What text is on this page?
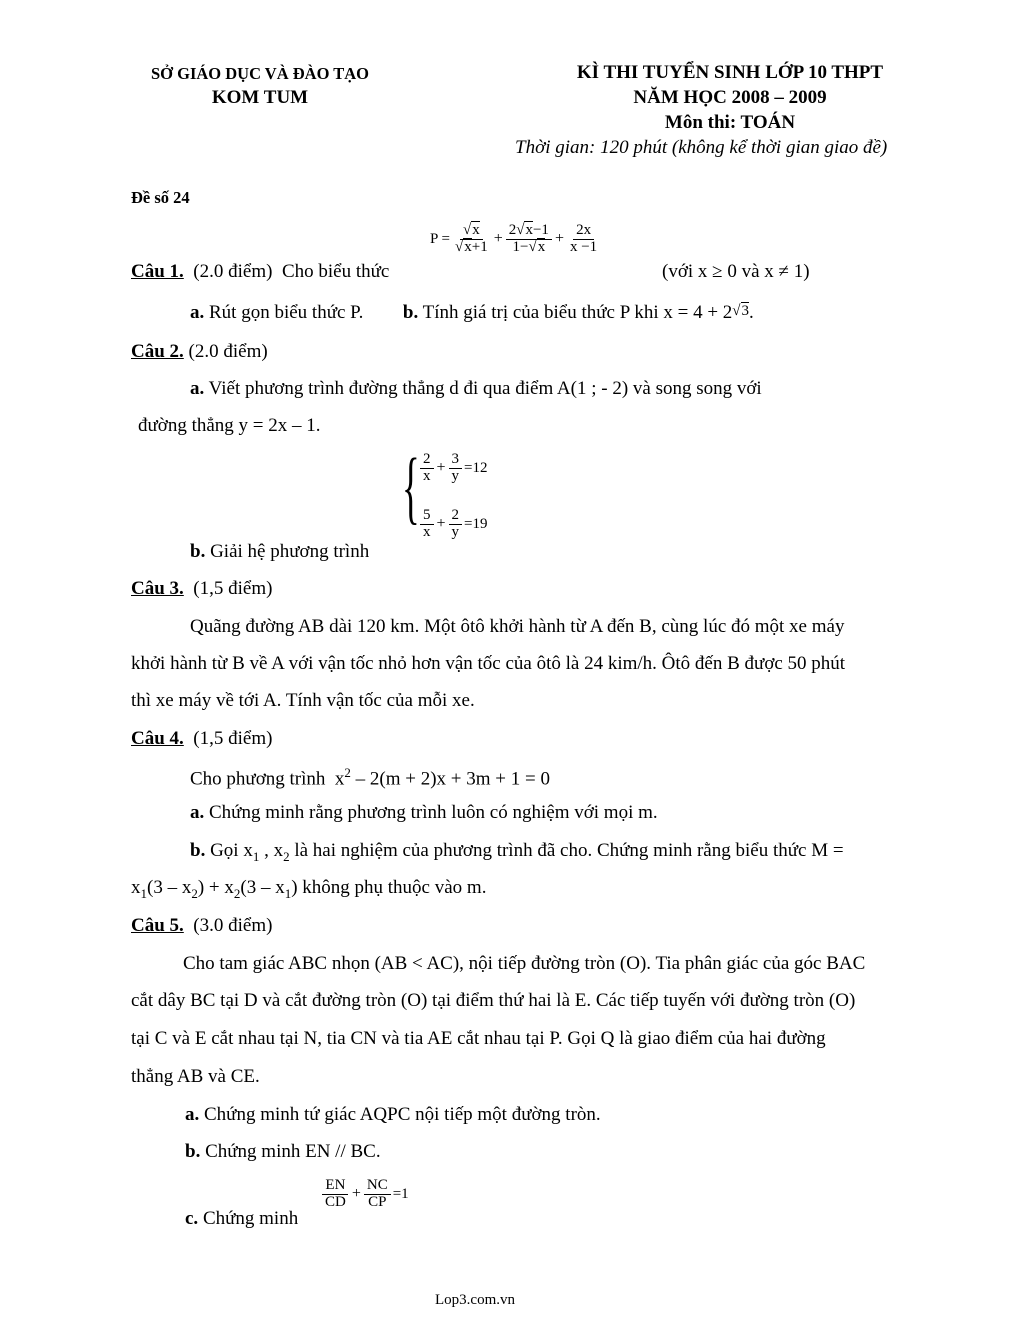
SỞ GIÁO DỤC VÀ ĐÀO TẠO
KOM TUM
KÌ THI TUYỂN SINH LỚP 10 THPT
NĂM HỌC 2008 – 2009
Môn thi: TOÁN
Thời gian: 120 phút (không kể thời gian giao đề)
Đề số 24
Câu 1. (2.0 điểm) Cho biểu thức
$P = \frac{√x}{√x+1} + \frac{2√x-1}{1-√x} + \frac{2x}{x -1}$
(với x ≥ 0 và x ≠ 1)
a. Rút gọn biểu thức P. b. Tính giá trị của biểu thức P khi x = 4 + 2√3.
Câu 2. (2.0 điểm)
a. Viết phương trình đường thẳng d đi qua điểm A(1 ; - 2) và song song với
đường thẳng y = 2x – 1.
b. Giải hệ phương trình
{ $\frac{2}{x} + \frac{3}{y} =12$
$\frac{5}{x} + \frac{2}{y} =19$
Câu 3. (1,5 điểm)
Quãng đường AB dài 120 km. Một ôtô khởi hành từ A đến B, cùng lúc đó một xe máy
khởi hành từ B về A với vận tốc nhỏ hơn vận tốc của ôtô là 24 kim/h. Ôtô đến B được 50 phút
thì xe máy về tới A. Tính vận tốc của mỗi xe.
Câu 4. (1,5 điểm)
Cho phương trình $x^2 - 2(m + 2)x + 3m + 1 = 0$
a. Chứng minh rằng phương trình luôn có nghiệm với mọi m.
b. Gọi $x_1$ , $x_2$ là hai nghiệm của phương trình đã cho. Chứng minh rằng biểu thức M =
$x_1(3 - x_2) + x_2(3 - x_1)$ không phụ thuộc vào m.
Câu 5. (3.0 điểm)
Cho tam giác ABC nhọn (AB < AC), nội tiếp đường tròn (O). Tia phân giác của góc BAC
cắt dây BC tại D và cắt đường tròn (O) tại điểm thứ hai là E. Các tiếp tuyến với đường tròn (O)
tại C và E cắt nhau tại N, tia CN và tia AE cắt nhau tại P. Gọi Q là giao điểm của hai đường
thẳng AB và CE.
a. Chứng minh tứ giác AQPC nội tiếp một đường tròn.
b. Chứng minh EN // BC.
c. Chứng minh
$\frac{EN}{CD} + \frac{NC}{CP} =1$
Lop3.com.vn
